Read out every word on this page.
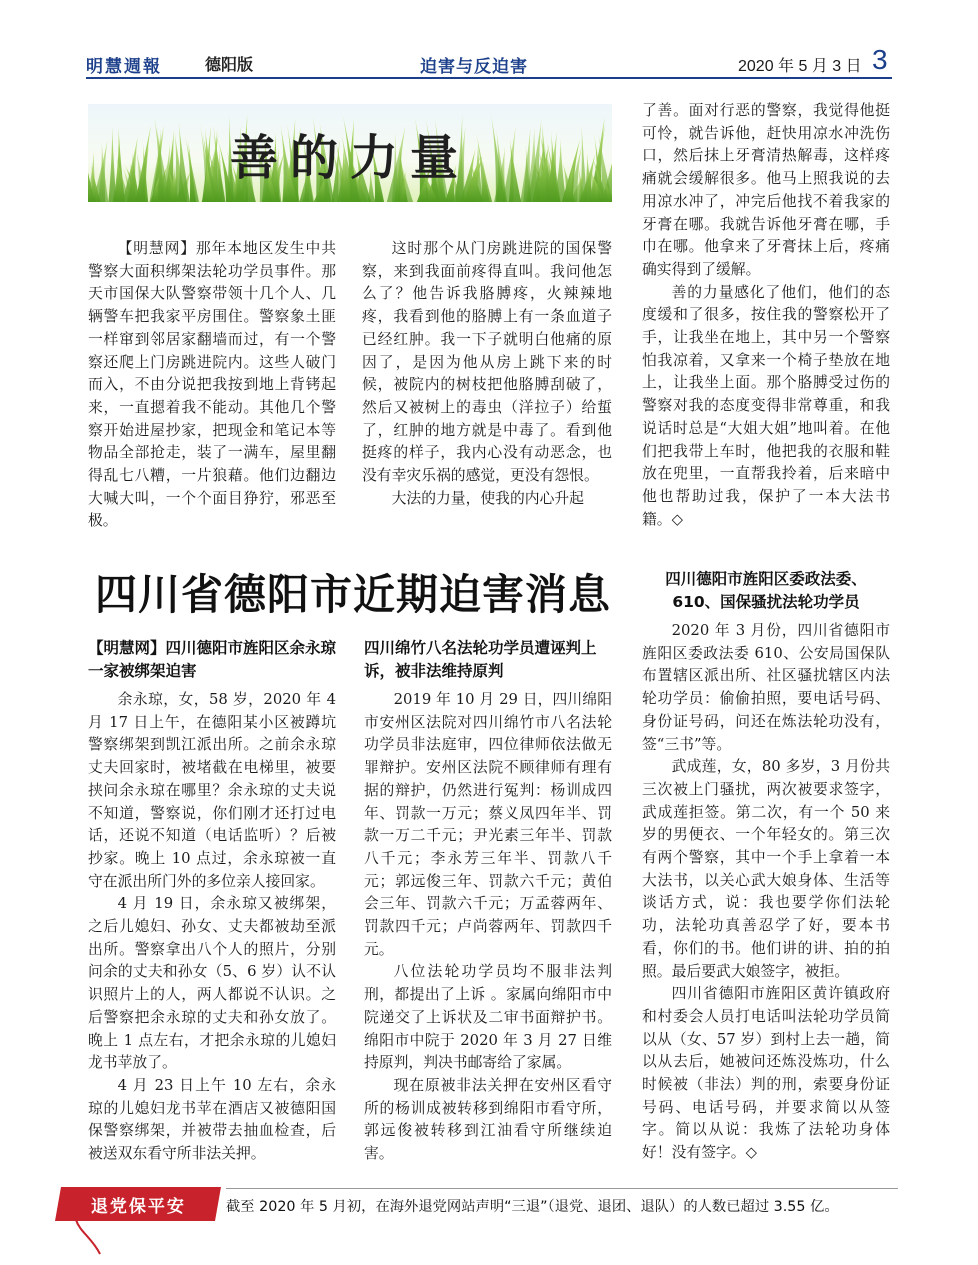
明慧週報	德阳版	迫害与反迫害	2020 年 5 月 3 日 3
善的力量

【明慧网】那年本地区发生中共警察大面积绑架法轮功学员事件。那天市国保大队警察带领十几个人、几辆警车把我家平房围住。警察象土匪一样窜到邻居家翻墙而过，有一个警察还爬上门房跳进院内。这些人破门而入，不由分说把我按到地上背铐起来，一直摁着我不能动。其他几个警察开始进屋抄家，把现金和笔记本等物品全部抢走，装了一满车，屋里翻得乱七八糟，一片狼藉。他们边翻边大喊大叫，一个个面目狰狞，邪恶至极。

这时那个从门房跳进院的国保警察，来到我面前疼得直叫。我问他怎么了？他告诉我胳膊疼，火辣辣地疼，我看到他的胳膊上有一条血道子已经红肿。我一下子就明白他痛的原因了，是因为他从房上跳下来的时候，被院内的树枝把他胳膊刮破了，然后又被树上的毒虫（洋拉子）给蜇了，红肿的地方就是中毒了。看到他挺疼的样子，我内心没有动恶念，也没有幸灾乐祸的感觉，更没有怨恨。

大法的力量，使我的内心升起

了善。面对行恶的警察，我觉得他挺可怜，就告诉他，赶快用凉水冲洗伤口，然后抹上牙膏清热解毒，这样疼痛就会缓解很多。他马上照我说的去用凉水冲了，冲完后他找不着我家的牙膏在哪。我就告诉他牙膏在哪，手巾在哪。他拿来了牙膏抹上后，疼痛确实得到了缓解。

善的力量感化了他们，他们的态度缓和了很多，按住我的警察松开了手，让我坐在地上，其中另一个警察怕我凉着，又拿来一个椅子垫放在地上，让我坐上面。那个胳膊受过伤的警察对我的态度变得非常尊重，和我说话时总是“大姐大姐”地叫着。在他们把我带上车时，他把我的衣服和鞋放在兜里，一直帮我拎着，后来暗中他也帮助过我，保护了一本大法书籍。◇

四川省德阳市近期迫害消息
【明慧网】四川德阳市旌阳区余永琼一家被绑架迫害

余永琼，女，58 岁，2020 年 4 月 17 日上午，在德阳某小区被蹲坑警察绑架到凯江派出所。之前余永琼丈夫回家时，被堵截在电梯里，被要挟问余永琼在哪里？余永琼的丈夫说不知道，警察说，你们刚才还打过电话，还说不知道（电话监听）？后被抄家。晚上 10 点过，余永琼被一直守在派出所门外的多位亲人接回家。

4 月 19 日，余永琼又被绑架，之后儿媳妇、孙女、丈夫都被劫至派出所。警察拿出八个人的照片，分别问余的丈夫和孙女（5、6 岁）认不认识照片上的人，两人都说不认识。之后警察把余永琼的丈夫和孙女放了。晚上 1 点左右，才把余永琼的儿媳妇龙书苹放了。

4 月 23 日上午 10 左右，余永琼的儿媳妇龙书苹在酒店又被德阳国保警察绑架，并被带去抽血检查，后被送双东看守所非法关押。

四川绵竹八名法轮功学员遭诬判上诉，被非法维持原判

2019 年 10 月 29 日，四川绵阳市安州区法院对四川绵竹市八名法轮功学员非法庭审，四位律师依法做无罪辩护。安州区法院不顾律师有理有据的辩护，仍然进行冤判：杨训成四年、罚款一万元；蔡义凤四年半、罚款一万二千元；尹光素三年半、罚款八千元；李永芳三年半、罚款八千元；郭远俊三年、罚款六千元；黄伯会三年、罚款六千元；万孟蓉两年、罚款四千元；卢尚蓉两年、罚款四千元。

八位法轮功学员均不服非法判刑，都提出了上诉 。家属向绵阳市中院递交了上诉状及二审书面辩护书。绵阳市中院于 2020 年 3 月 27 日维持原判，判决书邮寄给了家属。

现在原被非法关押在安州区看守所的杨训成被转移到绵阳市看守所，郭远俊被转移到江油看守所继续迫害。

四川德阳市旌阳区委政法委、610、国保骚扰法轮功学员

2020 年 3 月份，四川省德阳市旌阳区委政法委 610、公安局国保队布置辖区派出所、社区骚扰辖区内法轮功学员：偷偷拍照，要电话号码、身份证号码，问还在炼法轮功没有，签“三书”等。

武成莲，女，80 多岁，3 月份共三次被上门骚扰，两次被要求签字，武成莲拒签。第二次，有一个 50 来岁的男便衣、一个年轻女的。第三次有两个警察，其中一个手上拿着一本大法书，以关心武大娘身体、生活等谈话方式，说：我也要学你们法轮功，法轮功真善忍学了好，要本书看，你们的书。他们讲的讲、拍的拍照。最后要武大娘签字，被拒。

四川省德阳市旌阳区黄许镇政府和村委会人员打电话叫法轮功学员简以从（女、57 岁）到村上去一趟，简以从去后，她被问还炼没炼功，什么时候被（非法）判的刑，索要身份证号码、电话号码，并要求简以从签字。简以从说：我炼了法轮功身体好！没有签字。◇

退党保平安	截至 2020 年 5 月初，在海外退党网站声明“三退”（退党、退团、退队）的人数已超过 3.55 亿。
